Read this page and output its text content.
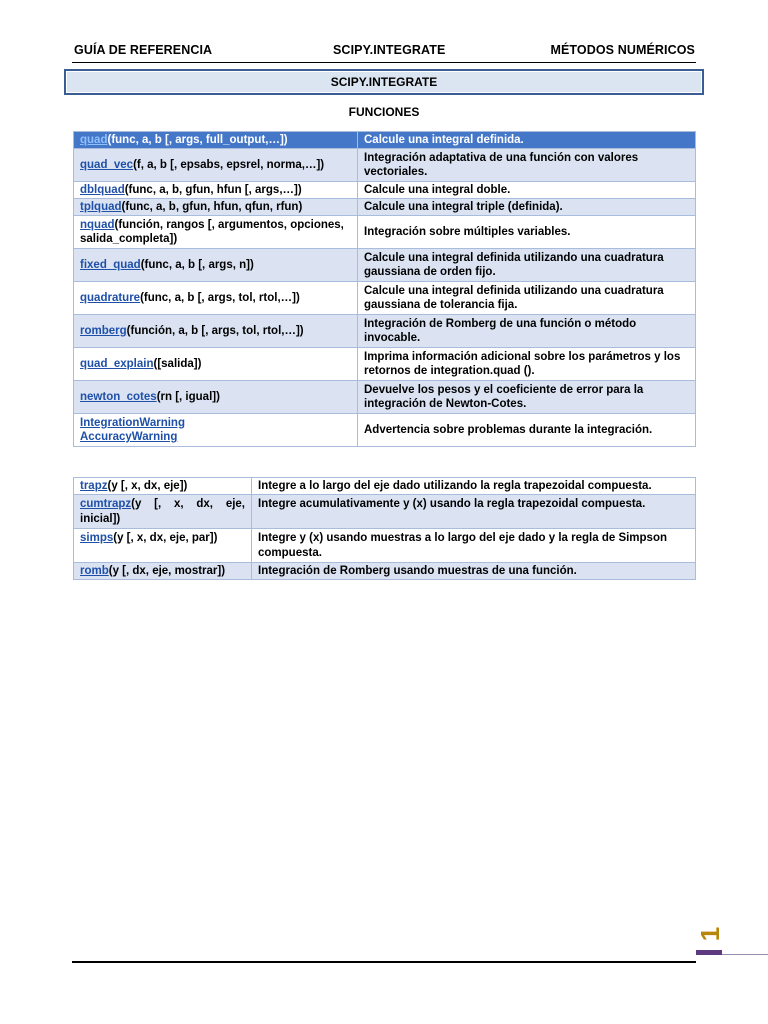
GUÍA DE REFERENCIA	SCIPY.INTEGRATE	MÉTODOS NUMÉRICOS
SCIPY.INTEGRATE
FUNCIONES
quad(func, a, b [, args, full_output,…])	Calcule una integral definida.
quad_vec(f, a, b [, epsabs, epsrel, norma,…])	Integración adaptativa de una función con valores vectoriales.
dblquad(func, a, b, gfun, hfun [, args,…])	Calcule una integral doble.
tplquad(func, a, b, gfun, hfun, qfun, rfun)	Calcule una integral triple (definida).
nquad(función, rangos [, argumentos, opciones, salida_completa])	Integración sobre múltiples variables.
fixed_quad(func, a, b [, args, n])	Calcule una integral definida utilizando una cuadratura gaussiana de orden fijo.
quadrature(func, a, b [, args, tol, rtol,…])	Calcule una integral definida utilizando una cuadratura gaussiana de tolerancia fija.
romberg(función, a, b [, args, tol, rtol,…])	Integración de Romberg de una función o método invocable.
quad_explain([salida])	Imprima información adicional sobre los parámetros y los retornos de integration.quad ().
newton_cotes(rn [, igual])	Devuelve los pesos y el coeficiente de error para la integración de Newton-Cotes.
IntegrationWarning
AccuracyWarning	Advertencia sobre problemas durante la integración.
trapz(y [, x, dx, eje])	Integre a lo largo del eje dado utilizando la regla trapezoidal compuesta.
cumtrapz(y [, x, dx, eje, inicial])	Integre acumulativamente y (x) usando la regla trapezoidal compuesta.
simps(y [, x, dx, eje, par])	Integre y (x) usando muestras a lo largo del eje dado y la regla de Simpson compuesta.
romb(y [, dx, eje, mostrar])	Integración de Romberg usando muestras de una función.
1
